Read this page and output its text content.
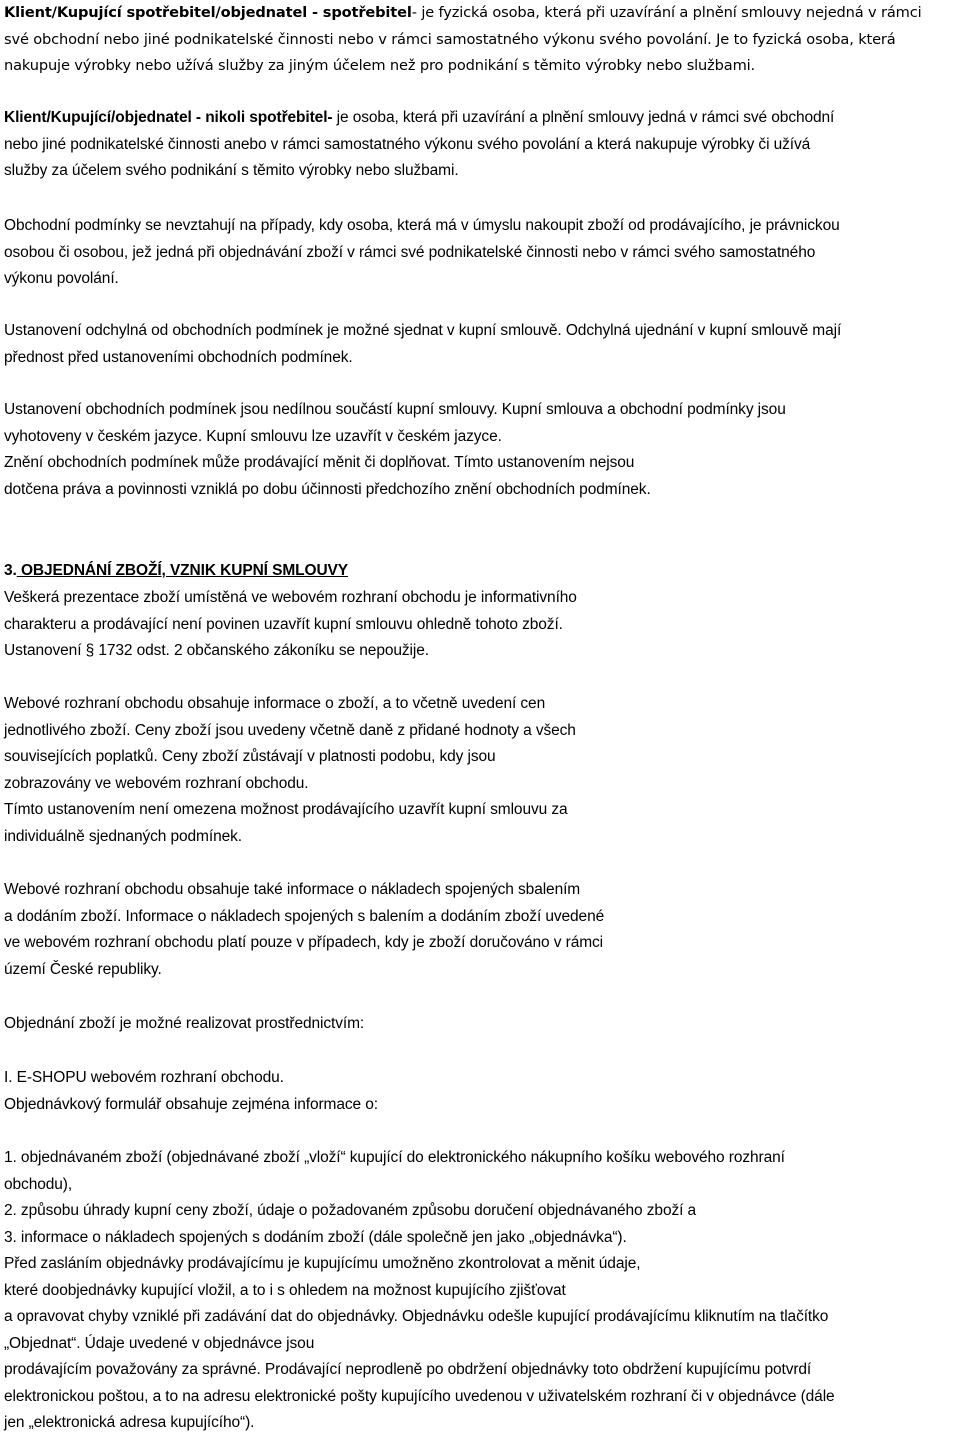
Klient/Kupující spotřebitel/objednatel - spotřebitel- je fyzická osoba, která při uzavírání a plnění smlouvy nejedná v rámci
své obchodní nebo jiné podnikatelské činnosti nebo v rámci samostatného výkonu svého povolání. Je to fyzická osoba, která
nakupuje výrobky nebo užívá služby za jiným účelem než pro podnikání s těmito výrobky nebo službami.
Klient/Kupující/objednatel - nikoli spotřebitel- je osoba, která při uzavírání a plnění smlouvy jedná v rámci své obchodní
nebo jiné podnikatelské činnosti anebo v rámci samostatného výkonu svého povolání a která nakupuje výrobky či užívá
služby za účelem svého podnikání s těmito výrobky nebo službami.
Obchodní podmínky se nevztahují na případy, kdy osoba, která má v úmyslu nakoupit zboží od prodávajícího, je právnickou
osobou či osobou, jež jedná při objednávání zboží v rámci své podnikatelské činnosti nebo v rámci svého samostatného
výkonu povolání.
Ustanovení odchylná od obchodních podmínek je možné sjednat v kupní smlouvě. Odchylná ujednání v kupní smlouvě mají
přednost před ustanoveními obchodních podmínek.
Ustanovení obchodních podmínek jsou nedílnou součástí kupní smlouvy. Kupní smlouva a obchodní podmínky jsou
vyhotoveny v českém jazyce. Kupní smlouvu lze uzavřít v českém jazyce.
Znění obchodních podmínek může prodávající měnit či doplňovat. Tímto ustanovením nejsou
dotčena práva a povinnosti vzniklá po dobu účinnosti předchozího znění obchodních podmínek.
3. OBJEDNÁNÍ ZBOŽÍ, VZNIK KUPNÍ SMLOUVY
Veškerá prezentace zboží umístěná ve webovém rozhraní obchodu je informativního
charakteru a prodávající není povinen uzavřít kupní smlouvu ohledně tohoto zboží.
Ustanovení § 1732 odst. 2 občanského zákoníku se nepoužije.
Webové rozhraní obchodu obsahuje informace o zboží, a to včetně uvedení cen
jednotlivého zboží. Ceny zboží jsou uvedeny včetně daně z přidané hodnoty a všech
souvisejících poplatků. Ceny zboží zůstávají v platnosti podobu, kdy jsou
zobrazovány ve webovém rozhraní obchodu.
Tímto ustanovením není omezena možnost prodávajícího uzavřít kupní smlouvu za
individuálně sjednaných podmínek.
Webové rozhraní obchodu obsahuje také informace o nákladech spojených sbalením
a dodáním zboží. Informace o nákladech spojených s balením a dodáním zboží uvedené
ve webovém rozhraní obchodu platí pouze v případech, kdy je zboží doručováno v rámci
území České republiky.
Objednání zboží je možné realizovat prostřednictvím:
I. E-SHOPU webovém rozhraní obchodu.
Objednávkový formulář obsahuje zejména informace o:
1. objednávaném zboží (objednávané zboží „vloží“ kupující do elektronického nákupního košíku webového rozhraní
obchodu),
2. způsobu úhrady kupní ceny zboží, údaje o požadovaném způsobu doručení objednávaného zboží a
3. informace o nákladech spojených s dodáním zboží (dále společně jen jako „objednávka“).
Před zasláním objednávky prodávajícímu je kupujícímu umožněno zkontrolovat a měnit údaje,
které doobjednávky kupující vložil, a to i s ohledem na možnost kupujícího zjišťovat
a opravovat chyby vzniklé při zadávání dat do objednávky. Objednávku odešle kupující prodávajícímu kliknutím na tlačítko
„Objednat“. Údaje uvedené v objednávce jsou
prodávajícím považovány za správné. Prodávající neprodleně po obdržení objednávky toto obdržení kupujícímu potvrdí
elektronickou poštou, a to na adresu elektronické pošty kupujícího uvedenou v uživatelském rozhraní či v objednávce (dále
jen „elektronická adresa kupujícího“).
